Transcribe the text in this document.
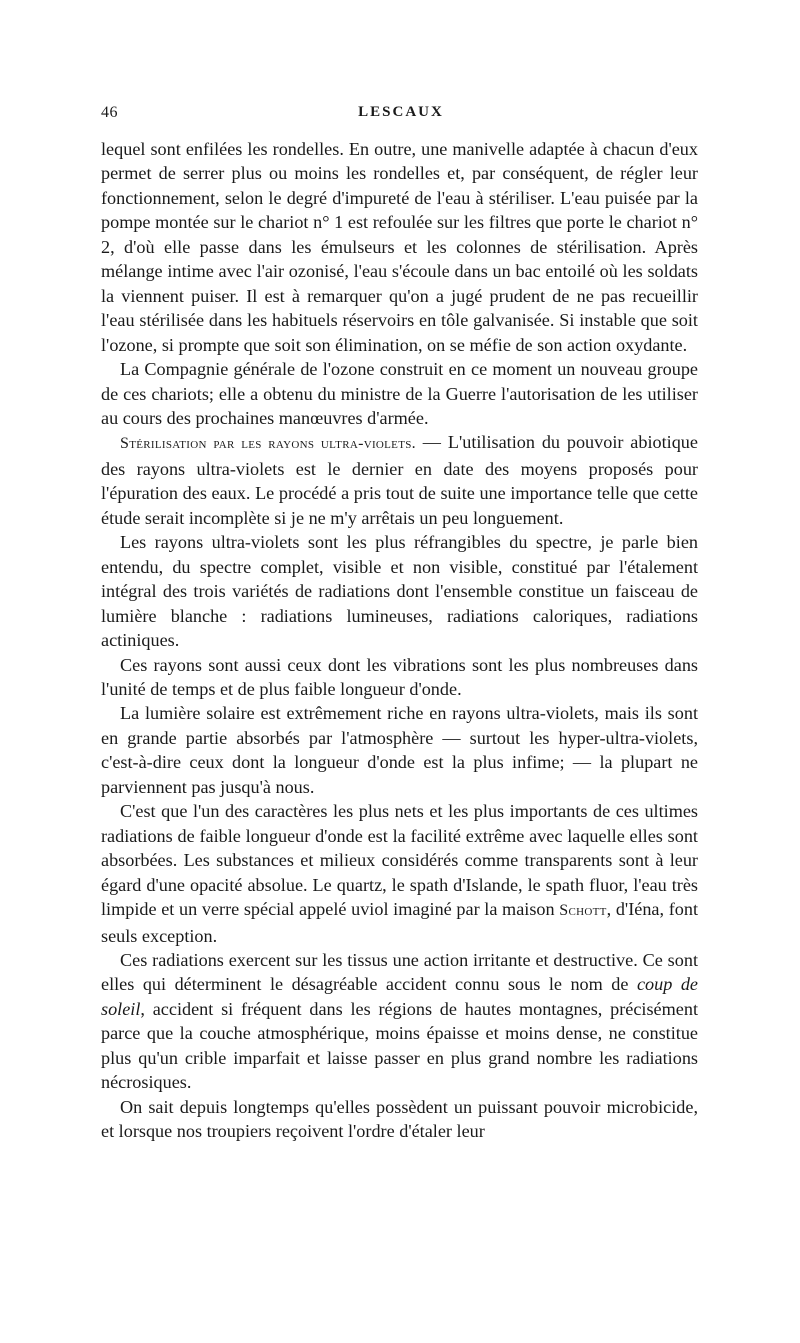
46	LESCAUX

lequel sont enfilées les rondelles. En outre, une manivelle adaptée à chacun d'eux permet de serrer plus ou moins les rondelles et, par conséquent, de régler leur fonctionnement, selon le degré d'impureté de l'eau à stériliser. L'eau puisée par la pompe montée sur le chariot n° 1 est refoulée sur les filtres que porte le chariot n° 2, d'où elle passe dans les émulseurs et les colonnes de stérilisation. Après mélange intime avec l'air ozonisé, l'eau s'écoule dans un bac entoilé où les soldats la viennent puiser. Il est à remarquer qu'on a jugé prudent de ne pas recueillir l'eau stérilisée dans les habituels réservoirs en tôle galvanisée. Si instable que soit l'ozone, si prompte que soit son élimination, on se méfie de son action oxydante.

La Compagnie générale de l'ozone construit en ce moment un nouveau groupe de ces chariots; elle a obtenu du ministre de la Guerre l'autorisation de les utiliser au cours des prochaines manœuvres d'armée.

Stérilisation par les rayons ultra-violets. — L'utilisation du pouvoir abiotique des rayons ultra-violets est le dernier en date des moyens proposés pour l'épuration des eaux. Le procédé a pris tout de suite une importance telle que cette étude serait incomplète si je ne m'y arrêtais un peu longuement.

Les rayons ultra-violets sont les plus réfrangibles du spectre, je parle bien entendu, du spectre complet, visible et non visible, constitué par l'étalement intégral des trois variétés de radiations dont l'ensemble constitue un faisceau de lumière blanche : radiations lumineuses, radiations caloriques, radiations actiniques.

Ces rayons sont aussi ceux dont les vibrations sont les plus nombreuses dans l'unité de temps et de plus faible longueur d'onde.

La lumière solaire est extrêmement riche en rayons ultra-violets, mais ils sont en grande partie absorbés par l'atmosphère — surtout les hyper-ultra-violets, c'est-à-dire ceux dont la longueur d'onde est la plus infime; — la plupart ne parviennent pas jusqu'à nous.

C'est que l'un des caractères les plus nets et les plus importants de ces ultimes radiations de faible longueur d'onde est la facilité extrême avec laquelle elles sont absorbées. Les substances et milieux considérés comme transparents sont à leur égard d'une opacité absolue. Le quartz, le spath d'Islande, le spath fluor, l'eau très limpide et un verre spécial appelé uviol imaginé par la maison Schott, d'Iéna, font seuls exception.

Ces radiations exercent sur les tissus une action irritante et destructive. Ce sont elles qui déterminent le désagréable accident connu sous le nom de coup de soleil, accident si fréquent dans les régions de hautes montagnes, précisément parce que la couche atmosphérique, moins épaisse et moins dense, ne constitue plus qu'un crible imparfait et laisse passer en plus grand nombre les radiations nécrosiques.

On sait depuis longtemps qu'elles possèdent un puissant pouvoir microbicide, et lorsque nos troupiers reçoivent l'ordre d'étaler leur
